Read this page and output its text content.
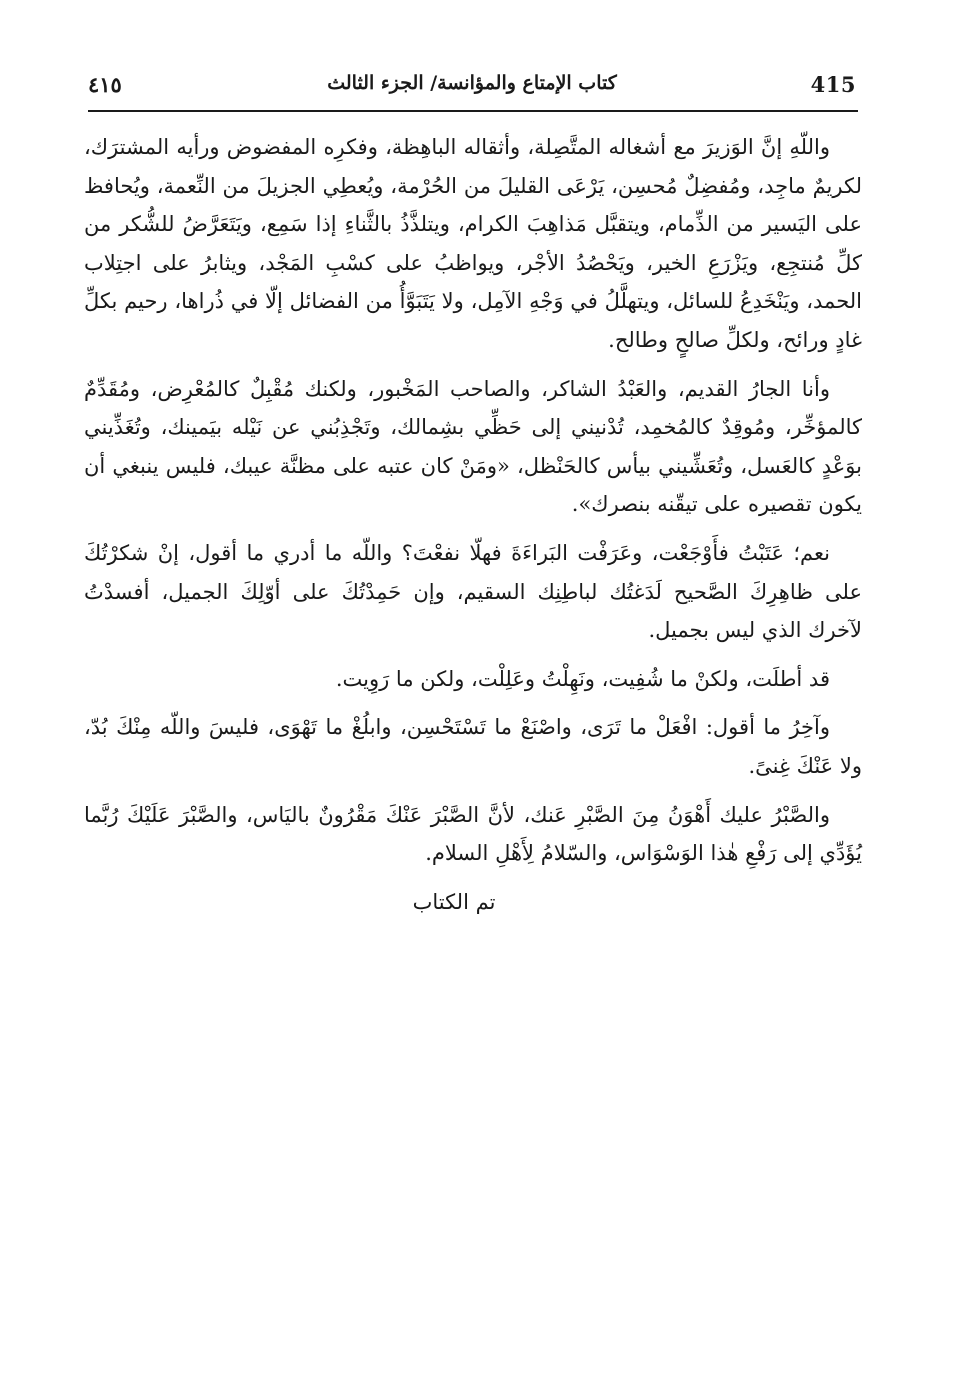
415
كتاب الإمتاع والمؤانسة/ الجزء الثالث
٤١٥

واللّهِ إنَّ الوَزيرَ مع أشغاله المتَّصِلة، وأثقاله الباهِظة، وفكرِه المفضوض ورأيه المشترَك، لكريمٌ ماجِد، ومُفضِلٌ مُحسِن، يَرْعَى القليلَ من الحُرْمة، ويُعطِي الجزيلَ من النِّعمة، ويُحافظ على اليَسير من الذِّمام، ويتقبَّل مَذاهِبَ الكرام، ويتلذَّذُ بالثَّناءِ إذا سَمِع، ويَتَعَرَّضُ للشُّكر من كلِّ مُنتجِع، ويَزْرَعِ الخير، ويَحْصُدُ الأجْر، ويواظبُ على كسْبِ المَجْد، ويثابرُ على اجتِلاب الحمد، ويَنْخَدِعُ للسائل، ويتهلَّلُ في وَجْهِ الآمِل، ولا يَتَبَوَّأُ من الفضائل إلّا في ذُراها، رحيم بكلِّ غادٍ ورائح، ولكلِّ صالحٍ وطالح.

وأنا الجارُ القديم، والعَبْدُ الشاكر، والصاحب المَخْبور، ولكنك مُقْبِلٌ كالمُعْرِض، ومُقَدِّمٌ كالمؤخِّر، ومُوقِدٌ كالمُخمِد، تُدْنيني إلى حَظِّي بشِمالك، وتَجْذِبُني عن نَيْله بيَمينك، وتُغَذِّيني بوَعْدٍ كالعَسل، وتُعَشِّيني بيأس كالحَنْظل، «ومَنْ كان عتبه على مظنَّة عيبك، فليس ينبغي أن يكون تقصيره على تيقّنه بنصرك».

نعم؛ عَتَبْتُ فأَوْجَعْت، وعَرَفْت البَراءَةَ فهلّا نفعْتَ؟ واللّه ما أدري ما أقول، إنْ شكرْتُكَ على ظاهِرِكَ الصَّحيح لَدَغتُك لباطِنِك السقيم، وإن حَمِدْتُكَ على أوّلِكَ الجميل، أفسدْتُ لآخرك الذي ليس بجميل.

قد أطلَت، ولكنْ ما شُفِيت، ونَهِلْتُ وعَلِلْت، ولكن ما رَوِيت.

وآخِرُ ما أقول: افْعَلْ ما تَرَى، واصْنَعْ ما تَسْتَحْسِن، وابلُغْ ما تَهْوَى، فليسَ واللّه مِنْكَ بُدّ، ولا عَنْكَ غِنىً.

والصَّبْرُ عليك أَهْوَنُ مِنَ الصَّبْرِ عَنك، لأنَّ الصَّبْرَ عَنْكَ مَقْرُونٌ باليَاس، والصَّبْرَ عَلَيْكَ رُبَّما يُؤَدِّي إلى رَفْعِ هٰذا الوَسْوَاس، والسّلامُ لِأَهْلِ السلام.

تم الكتاب
